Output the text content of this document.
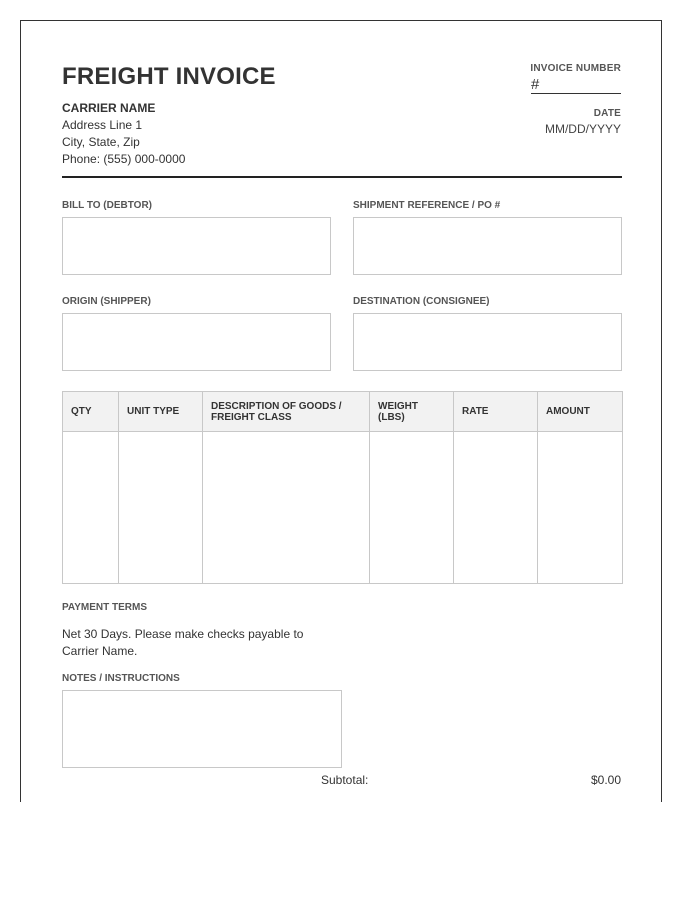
FREIGHT INVOICE
CARRIER NAME
Address Line 1
City, State, Zip
Phone: (555) 000-0000
INVOICE NUMBER
#
DATE
MM/DD/YYYY
BILL TO (DEBTOR)	SHIPMENT REFERENCE / PO #
ORIGIN (SHIPPER)	DESTINATION (CONSIGNEE)
QTY	UNIT TYPE	DESCRIPTION OF GOODS / FREIGHT CLASS	WEIGHT (LBS)	RATE	AMOUNT

PAYMENT TERMS
Net 30 Days. Please make checks payable to Carrier Name.
NOTES / INSTRUCTIONS
Subtotal:	$0.00
